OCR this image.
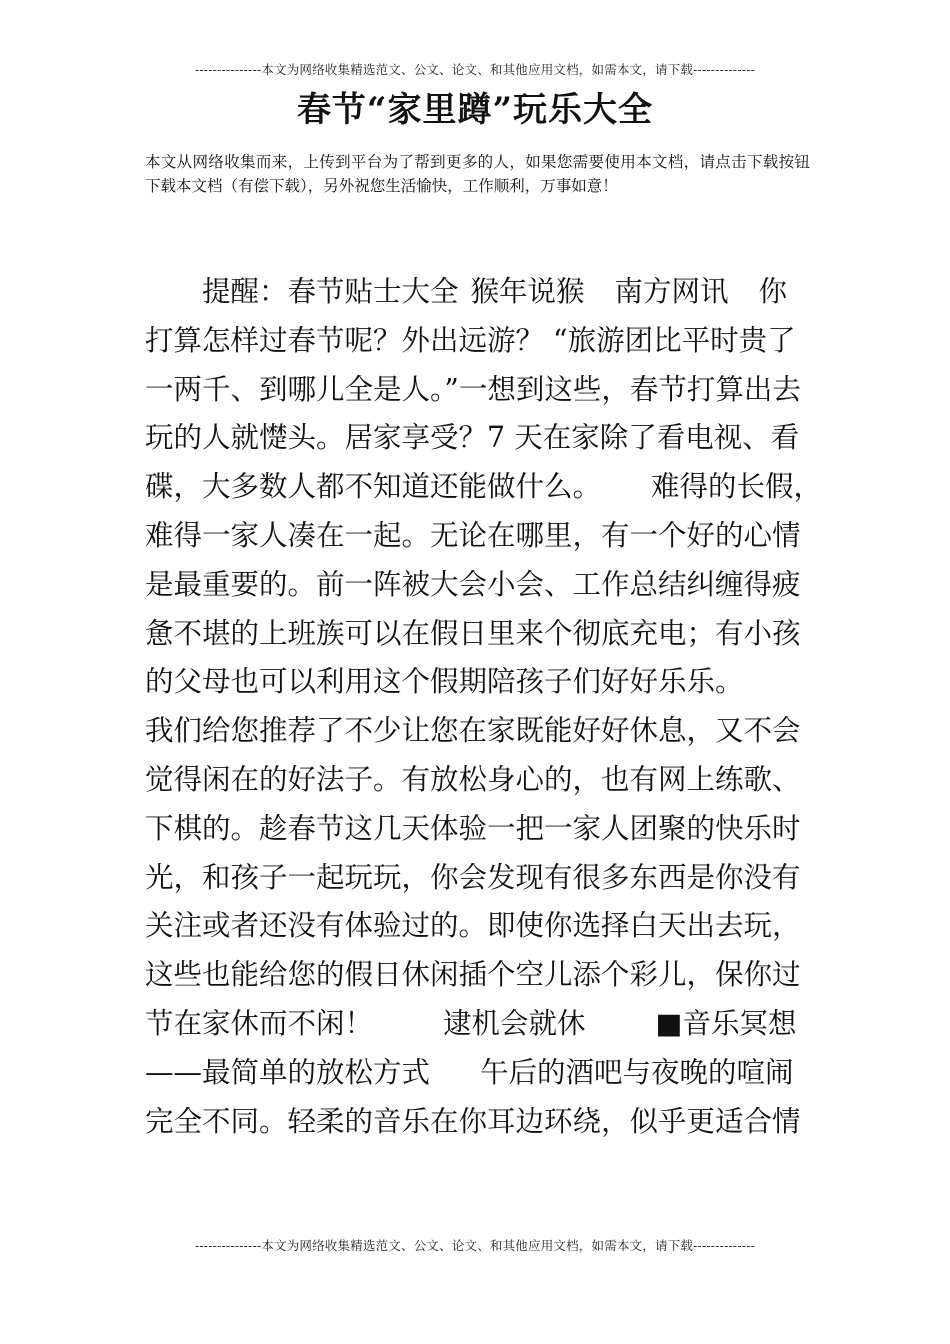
---------------本文为网络收集精选范文、公文、论文、和其他应用文档，如需本文，请下载--------------
春节“家里蹲”玩乐大全
本文从网络收集而来，上传到平台为了帮到更多的人，如果您需要使用本文档，请点击下载按钮下载本文档（有偿下载），另外祝您生活愉快，工作顺利，万事如意！
提醒：春节贴士大全 猴年说猴 南方网讯 你
打算怎样过春节呢？外出远游？ “旅游团比平时贵了
一两千、到哪儿全是人。”一想到这些，春节打算出去
玩的人就憷头。居家享受？7 天在家除了看电视、看
碟，大多数人都不知道还能做什么。 难得的长假，
难得一家人凑在一起。无论在哪里，有一个好的心情
是最重要的。前一阵被大会小会、工作总结纠缠得疲
惫不堪的上班族可以在假日里来个彻底充电；有小孩
的父母也可以利用这个假期陪孩子们好好乐乐。
我们给您推荐了不少让您在家既能好好休息，又不会
觉得闲在的好法子。有放松身心的，也有网上练歌、
下棋的。趁春节这几天体验一把一家人团聚的快乐时
光，和孩子一起玩玩，你会发现有很多东西是你没有
关注或者还没有体验过的。即使你选择白天出去玩，
这些也能给您的假日休闲插个空儿添个彩儿，保你过
节在家休而不闲！ 逮机会就休 ■音乐冥想
——最简单的放松方式 午后的酒吧与夜晚的喧闹
完全不同。轻柔的音乐在你耳边环绕，似乎更适合情
---------------本文为网络收集精选范文、公文、论文、和其他应用文档，如需本文，请下载--------------
